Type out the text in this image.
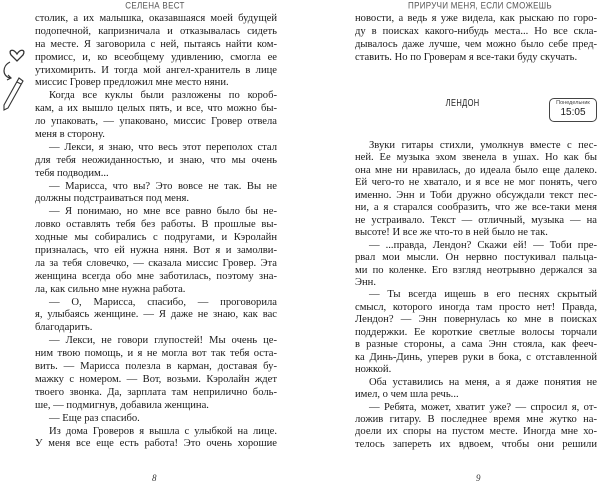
СЕЛЕНА ВЕСТ	ПРИРУЧИ МЕНЯ, ЕСЛИ СМОЖЕШЬ
столик, а их малышка, оказавшаяся моей будущей
подопечной, капризничала и отказывалась сидеть
на месте. Я заговорила с ней, пытаясь найти ком-
промисс, и, ко всеобщему удивлению, смогла ее
утихомирить. И тогда мой ангел-хранитель в лице
миссис Гровер предложил мне место няни.
Когда все куклы были разложены по короб-
кам, а их вышло целых пять, и все, что можно бы-
ло упаковать, — упаковано, миссис Гровер отвела
меня в сторону.
— Лекси, я знаю, что весь этот переполох стал
для тебя неожиданностью, и знаю, что мы очень
тебя подводим...
— Марисса, что вы? Это вовсе не так. Вы не
должны подстраиваться под меня.
— Я понимаю, но мне все равно было бы не-
ловко оставлять тебя без работы. В прошлые вы-
ходные мы собирались с подругами, и Кэролайн
призналась, что ей нужна няня. Вот я и замолви-
ла за тебя словечко, — сказала миссис Гровер. Эта
женщина всегда обо мне заботилась, поэтому зна-
ла, как сильно мне нужна работа.
— О, Марисса, спасибо, — проговорила
я, улыбаясь женщине. — Я даже не знаю, как вас
благодарить.
— Лекси, не говори глупостей! Мы очень це-
ним твою помощь, и я не могла вот так тебя оста-
вить. — Марисса полезла в карман, доставая бу-
мажку с номером. — Вот, возьми. Кэролайн ждет
твоего звонка. Да, зарплата там неприлично боль-
ше, — подмигнув, добавила женщина.
— Еще раз спасибо.
Из дома Гроверов я вышла с улыбкой на лице.
У меня все еще есть работа! Это очень хорошие
новости, а ведь я уже видела, как рыскаю по горо-
ду в поисках какого-нибудь места... Но все скла-
дывалось даже лучше, чем можно было себе пред-
ставить. Но по Гроверам я все-таки буду скучать.
ЛЕНДОН	Понедельник
15:05
Звуки гитары стихли, умолкнув вместе с пес-
ней. Ее музыка эхом звенела в ушах. Но как бы
она мне ни нравилась, до идеала было еще далеко.
Ей чего-то не хватало, и я все не мог понять, чего
именно. Энн и Тоби дружно обсуждали текст пес-
ни, а я старался сообразить, что же все-таки меня
не устраивало. Текст — отличный, музыка — на
высоте! И все же что-то в ней было не так.
— ...правда, Лендон? Скажи ей! — Тоби пре-
рвал мои мысли. Он нервно постукивал пальца-
ми по коленке. Его взгляд неотрывно держался за
Энн.
— Ты всегда ищешь в его песнях скрытый
смысл, которого иногда там просто нет! Правда,
Лендон? — Энн повернулась ко мне в поисках
поддержки. Ее короткие светлые волосы торчали
в разные стороны, а сама Энн стояла, как фееч-
ка Динь-Динь, уперев руки в бока, с отставленной
ножкой.
Оба уставились на меня, а я даже понятия не
имел, о чем шла речь...
— Ребята, может, хватит уже? — спросил я, от-
ложив гитару. В последнее время мне жутко на-
доели их споры на пустом месте. Иногда мне хо-
телось запереть их вдвоем, чтобы они решили
8	9
